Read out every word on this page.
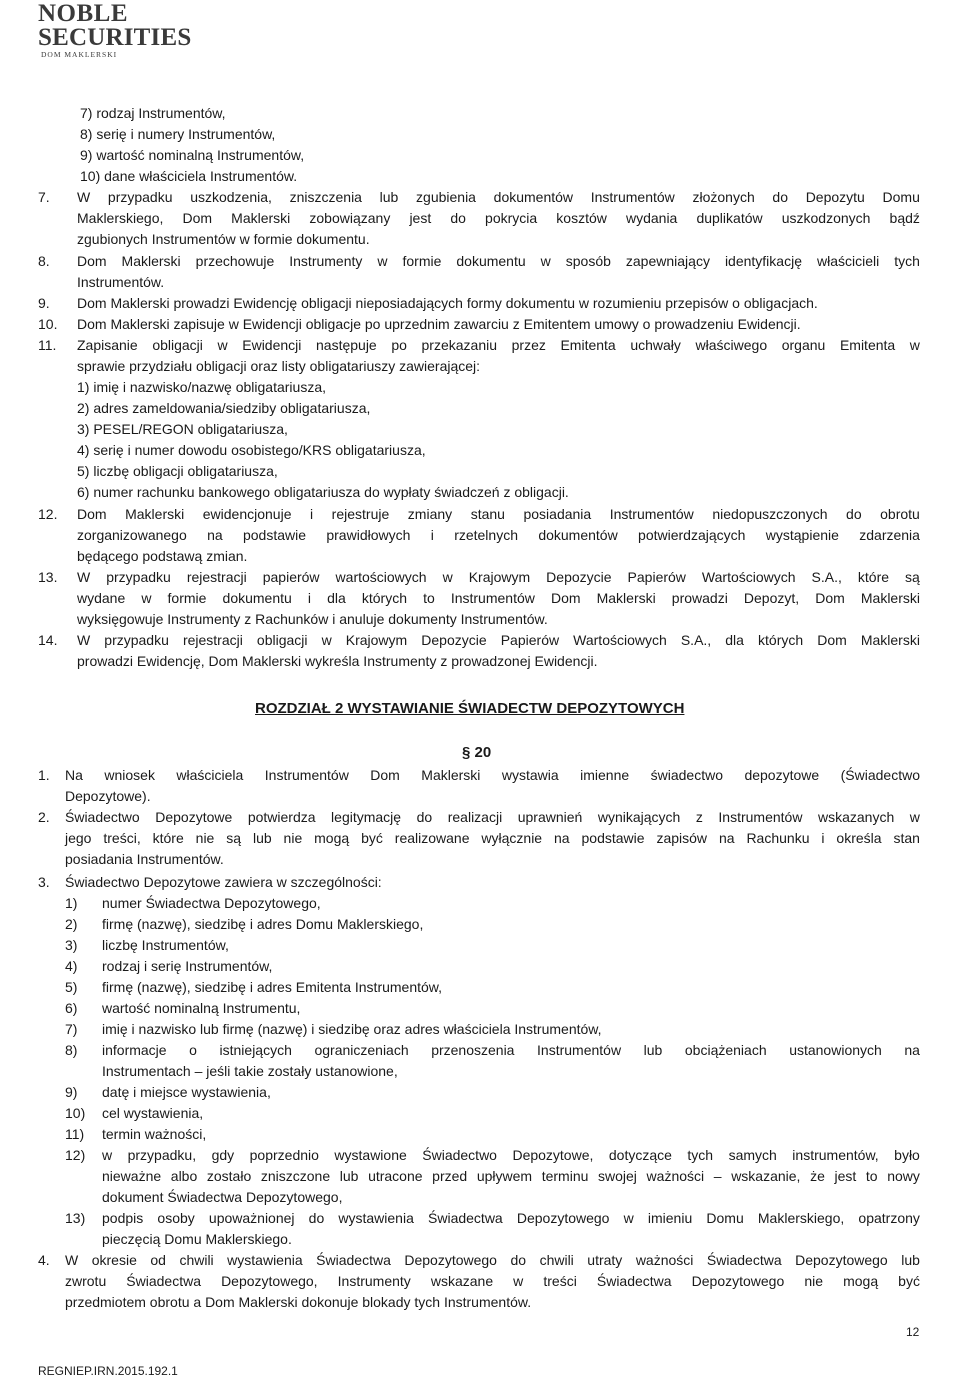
NOBLE
SECURITIES
DOM MAKLERSKI
7) rodzaj Instrumentów,
8) serię i numery Instrumentów,
9) wartość nominalną Instrumentów,
10) dane właściciela Instrumentów.
7. W przypadku uszkodzenia, zniszczenia lub zgubienia dokumentów Instrumentów złożonych do Depozytu Domu
Maklerskiego, Dom Maklerski zobowiązany jest do pokrycia kosztów wydania duplikatów uszkodzonych bądź
zgubionych Instrumentów w formie dokumentu.
8. Dom Maklerski przechowuje Instrumenty w formie dokumentu w sposób zapewniający identyfikację właścicieli tych
Instrumentów.
9. Dom Maklerski prowadzi Ewidencję obligacji nieposiadających formy dokumentu w rozumieniu przepisów o obligacjach.
10. Dom Maklerski zapisuje w Ewidencji obligacje po uprzednim zawarciu z Emitentem umowy o prowadzeniu Ewidencji.
11. Zapisanie obligacji w Ewidencji następuje po przekazaniu przez Emitenta uchwały właściwego organu Emitenta w
sprawie przydziału obligacji oraz listy obligatariuszy zawierającej:
12. Dom Maklerski ewidencjonuje i rejestruje zmiany stanu posiadania Instrumentów niedopuszczonych do obrotu
zorganizowanego na podstawie prawidłowych i rzetelnych dokumentów potwierdzających wystąpienie zdarzenia
będącego podstawą zmian.
13. W przypadku rejestracji papierów wartościowych w Krajowym Depozycie Papierów Wartościowych S.A., które są
wydane w formie dokumentu i dla których to Instrumentów Dom Maklerski prowadzi Depozyt, Dom Maklerski
wyksięgowuje Instrumenty z Rachunków i anuluje dokumenty Instrumentów.
14. W przypadku rejestracji obligacji w Krajowym Depozycie Papierów Wartościowych S.A., dla których Dom Maklerski
prowadzi Ewidencję, Dom Maklerski wykreśla Instrumenty z prowadzonej Ewidencji.
1) imię i nazwisko/nazwę obligatariusza,
2) adres zameldowania/siedziby obligatariusza,
3) PESEL/REGON obligatariusza,
4) serię i numer dowodu osobistego/KRS obligatariusza,
5) liczbę obligacji obligatariusza,
6) numer rachunku bankowego obligatariusza do wypłaty świadczeń z obligacji.
1. Na wniosek właściciela Instrumentów Dom Maklerski wystawia imienne świadectwo depozytowe (Świadectwo
Depozytowe).
2. Świadectwo Depozytowe potwierdza legitymację do realizacji uprawnień wynikających z Instrumentów wskazanych w
jego treści, które nie są lub nie mogą być realizowane wyłącznie na podstawie zapisów na Rachunku i określa stan
posiadania Instrumentów.
3. Świadectwo Depozytowe zawiera w szczególności:
4. W okresie od chwili wystawienia Świadectwa Depozytowego do chwili utraty ważności Świadectwa Depozytowego lub
zwrotu Świadectwa Depozytowego, Instrumenty wskazane w treści Świadectwa Depozytowego nie mogą być
przedmiotem obrotu a Dom Maklerski dokonuje blokady tych Instrumentów.
1) numer Świadectwa Depozytowego,
2) firmę (nazwę), siedzibę i adres Domu Maklerskiego,
3) liczbę Instrumentów,
4) rodzaj i serię Instrumentów,
5) firmę (nazwę), siedzibę i adres Emitenta Instrumentów,
6) wartość nominalną Instrumentu,
7) imię i nazwisko lub firmę (nazwę) i siedzibę oraz adres właściciela Instrumentów,
8) informacje o istniejących ograniczeniach przenoszenia Instrumentów lub obciążeniach ustanowionych na
Instrumentach – jeśli takie zostały ustanowione,
9) datę i miejsce wystawienia,
10) cel wystawienia,
11) termin ważności,
12) w przypadku, gdy poprzednio wystawione Świadectwo Depozytowe, dotyczące tych samych instrumentów, było
nieważne albo zostało zniszczone lub utracone przed upływem terminu swojej ważności – wskazanie, że jest to nowy
dokument Świadectwa Depozytowego,
13) podpis osoby upoważnionej do wystawienia Świadectwa Depozytowego w imieniu Domu Maklerskiego, opatrzony
pieczęcią Domu Maklerskiego.
ROZDZIAŁ 2 WYSTAWIANIE ŚWIADECTW DEPOZYTOWYCH
§ 20
REGNIEP.IRN.2015.192.1
12
